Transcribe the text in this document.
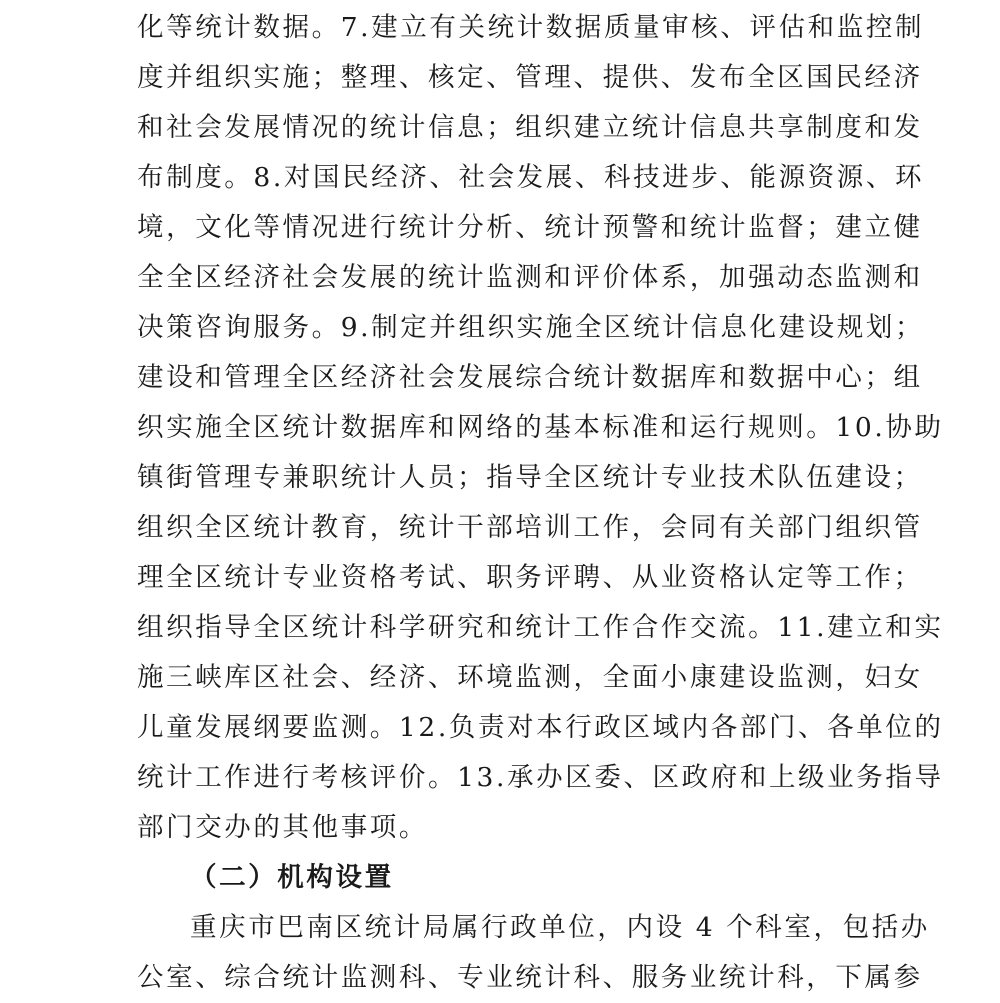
化等统计数据。7.建立有关统计数据质量审核、评估和监控制
度并组织实施；整理、核定、管理、提供、发布全区国民经济
和社会发展情况的统计信息；组织建立统计信息共享制度和发
布制度。8.对国民经济、社会发展、科技进步、能源资源、环
境，文化等情况进行统计分析、统计预警和统计监督；建立健
全全区经济社会发展的统计监测和评价体系，加强动态监测和
决策咨询服务。9.制定并组织实施全区统计信息化建设规划；
建设和管理全区经济社会发展综合统计数据库和数据中心；组
织实施全区统计数据库和网络的基本标准和运行规则。10.协助
镇街管理专兼职统计人员；指导全区统计专业技术队伍建设；
组织全区统计教育，统计干部培训工作，会同有关部门组织管
理全区统计专业资格考试、职务评聘、从业资格认定等工作；
组织指导全区统计科学研究和统计工作合作交流。11.建立和实
施三峡库区社会、经济、环境监测，全面小康建设监测，妇女
儿童发展纲要监测。12.负责对本行政区域内各部门、各单位的
统计工作进行考核评价。13.承办区委、区政府和上级业务指导
部门交办的其他事项。
（二）机构设置
重庆市巴南区统计局属行政单位，内设 4 个科室，包括办
公室、综合统计监测科、专业统计科、服务业统计科，下属参
